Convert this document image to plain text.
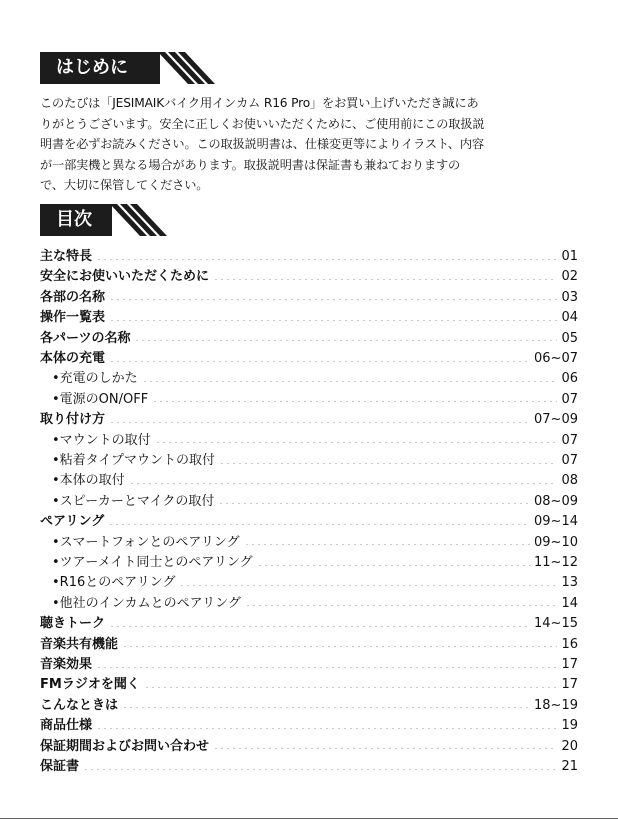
はじめに
このたびは「JESIMAIKバイク用インカム R16 Pro」をお買い上げいただき誠にあ
りがとうございます。安全に正しくお使いいただくために、ご使用前にこの取扱説
明書を必ずお読みください。この取扱説明書は、仕様変更等によりイラスト、内容
が一部実機と異なる場合があります。取扱説明書は保証書も兼ねておりますの
で、大切に保管してください。
目次
主な特長	01
安全にお使いいただくために	02
各部の名称	03
操作一覧表	04
各パーツの名称	05
本体の充電	06~07
•充電のしかた	06
•電源のON/OFF	07
取り付け方	07~09
•マウントの取付	07
•粘着タイプマウントの取付	07
•本体の取付	08
•スピーカーとマイクの取付	08~09
ペアリング	09~14
•スマートフォンとのペアリング	09~10
•ツアーメイト同士とのペアリング	11~12
•R16とのペアリング	13
•他社のインカムとのペアリング	14
聴きトーク	14~15
音楽共有機能	16
音楽効果	17
FMラジオを聞く	17
こんなときは	18~19
商品仕様	19
保証期間およびお問い合わせ	20
保証書	21
